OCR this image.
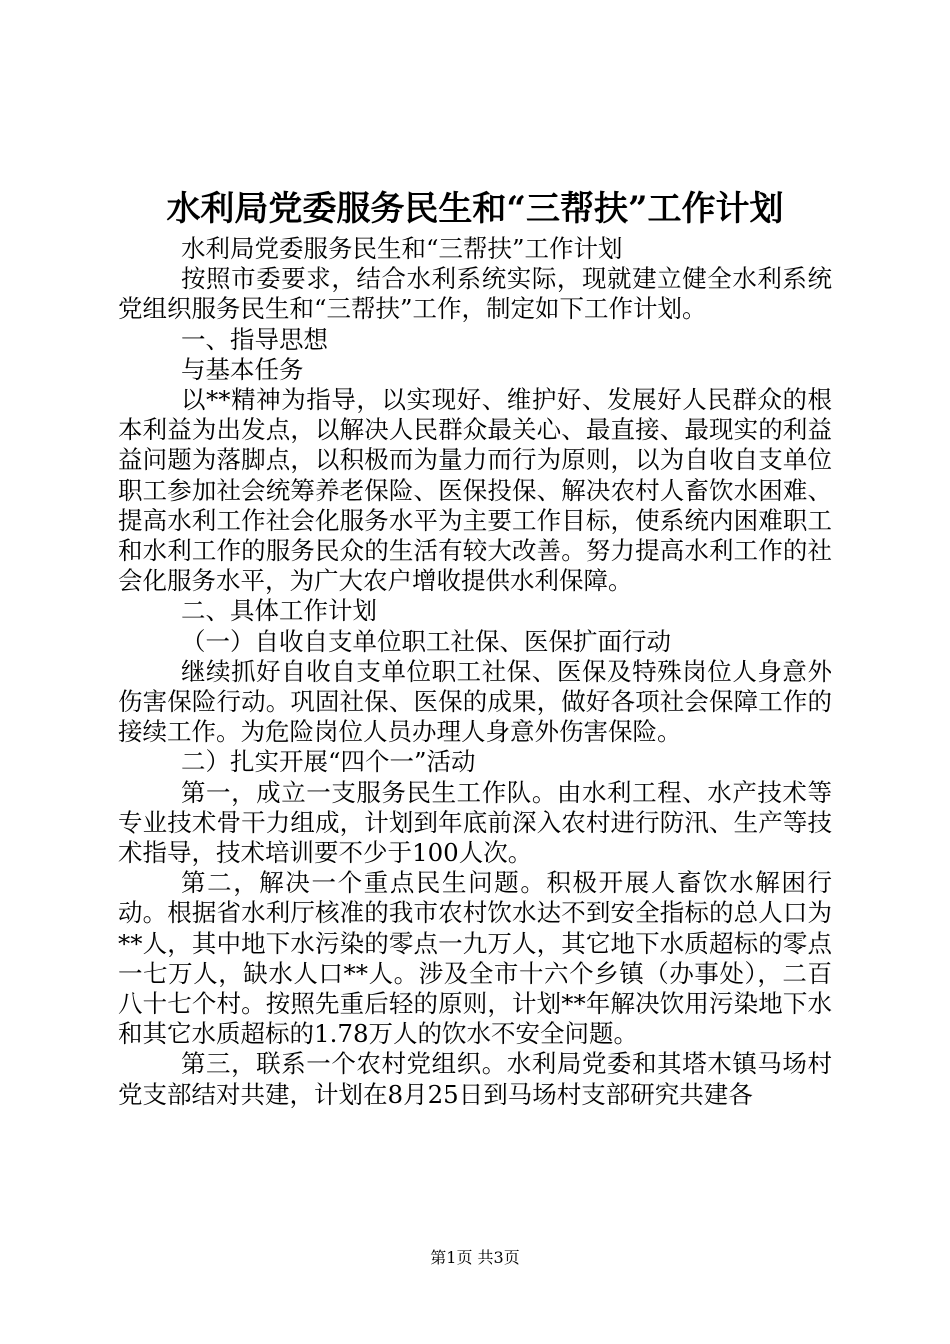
水利局党委服务民生和“三帮扶”工作计划

水利局党委服务民生和“三帮扶”工作计划

按照市委要求，结合水利系统实际，现就建立健全水利系统党组织服务民生和“三帮扶”工作，制定如下工作计划。

一、指导思想

与基本任务

以**精神为指导，以实现好、维护好、发展好人民群众的根本利益为出发点，以解决人民群众最关心、最直接、最现实的利益益问题为落脚点，以积极而为量力而行为原则，以为自收自支单位职工参加社会统筹养老保险、医保投保、解决农村人畜饮水困难、提高水利工作社会化服务水平为主要工作目标，使系统内困难职工和水利工作的服务民众的生活有较大改善。努力提高水利工作的社会化服务水平，为广大农户增收提供水利保障。

二、具体工作计划

（一）自收自支单位职工社保、医保扩面行动

继续抓好自收自支单位职工社保、医保及特殊岗位人身意外伤害保险行动。巩固社保、医保的成果，做好各项社会保障工作的接续工作。为危险岗位人员办理人身意外伤害保险。

二）扎实开展“四个一”活动

第一，成立一支服务民生工作队。由水利工程、水产技术等专业技术骨干力组成，计划到年底前深入农村进行防汛、生产等技术指导，技术培训要不少于100人次。

第二，解决一个重点民生问题。积极开展人畜饮水解困行动。根据省水利厅核准的我市农村饮水达不到安全指标的总人口为**人，其中地下水污染的零点一九万人，其它地下水质超标的零点一七万人，缺水人口**人。涉及全市十六个乡镇（办事处），二百八十七个村。按照先重后轻的原则，计划**年解决饮用污染地下水和其它水质超标的1.78万人的饮水不安全问题。

第三，联系一个农村党组织。水利局党委和其塔木镇马场村党支部结对共建，计划在8月25日到马场村支部研究共建各

第1页 共3页
